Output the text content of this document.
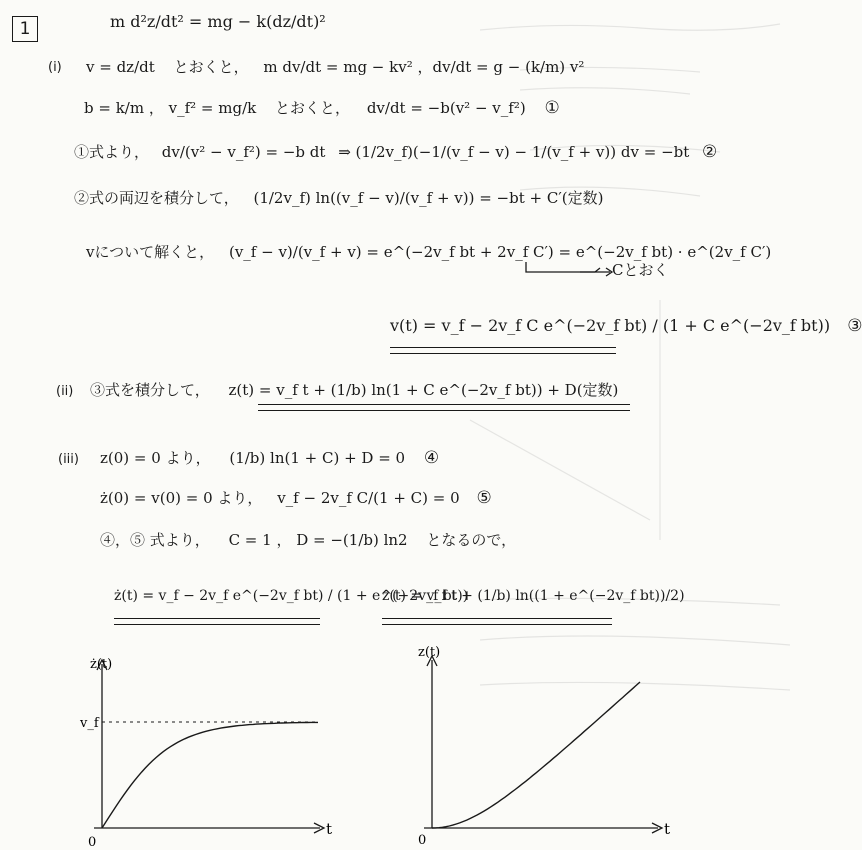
1	m d²z/dt² = mg − k(dz/dt)²
(i) v = dz/dt とおくと， m dv/dt = mg − kv² ，dv/dt = g − (k/m) v²
b = k/m ， v_f² = mg/k とおくと， dv/dt = −b(v² − v_f²) ①
①式より， dv/(v² − v_f²) = −b dt ⇒ (1/2v_f)(−1/(v_f − v) − 1/(v_f + v)) dv = −bt ②
②式の両辺を積分して， (1/2v_f) ln((v_f − v)/(v_f + v)) = −bt + C′(定数)
vについて解くと， (v_f − v)/(v_f + v) = e^(−2v_f bt + 2v_f C′) = e^(−2v_f bt) · e^(2v_f C′)
Cとおく
v(t) = v_f − 2v_f C e^(−2v_f bt) / (1 + C e^(−2v_f bt)) ③
(ii) ③式を積分して， z(t) = v_f t + (1/b) ln(1 + C e^(−2v_f bt)) + D(定数)
(iii) z(0) = 0 より， (1/b) ln(1 + C) + D = 0 ④
ż(0) = v(0) = 0 より， v_f − 2v_f C/(1 + C) = 0 ⑤
④，⑤ 式より， C = 1 ， D = −(1/b) ln2 となるので，
ż(t) = v_f − 2v_f e^(−2v_f bt) / (1 + e^(−2v_f bt))
z(t) = v_f t + (1/b) ln((1 + e^(−2v_f bt))/2)
ż(t)
v_f
t
0
z(t)
t
0
